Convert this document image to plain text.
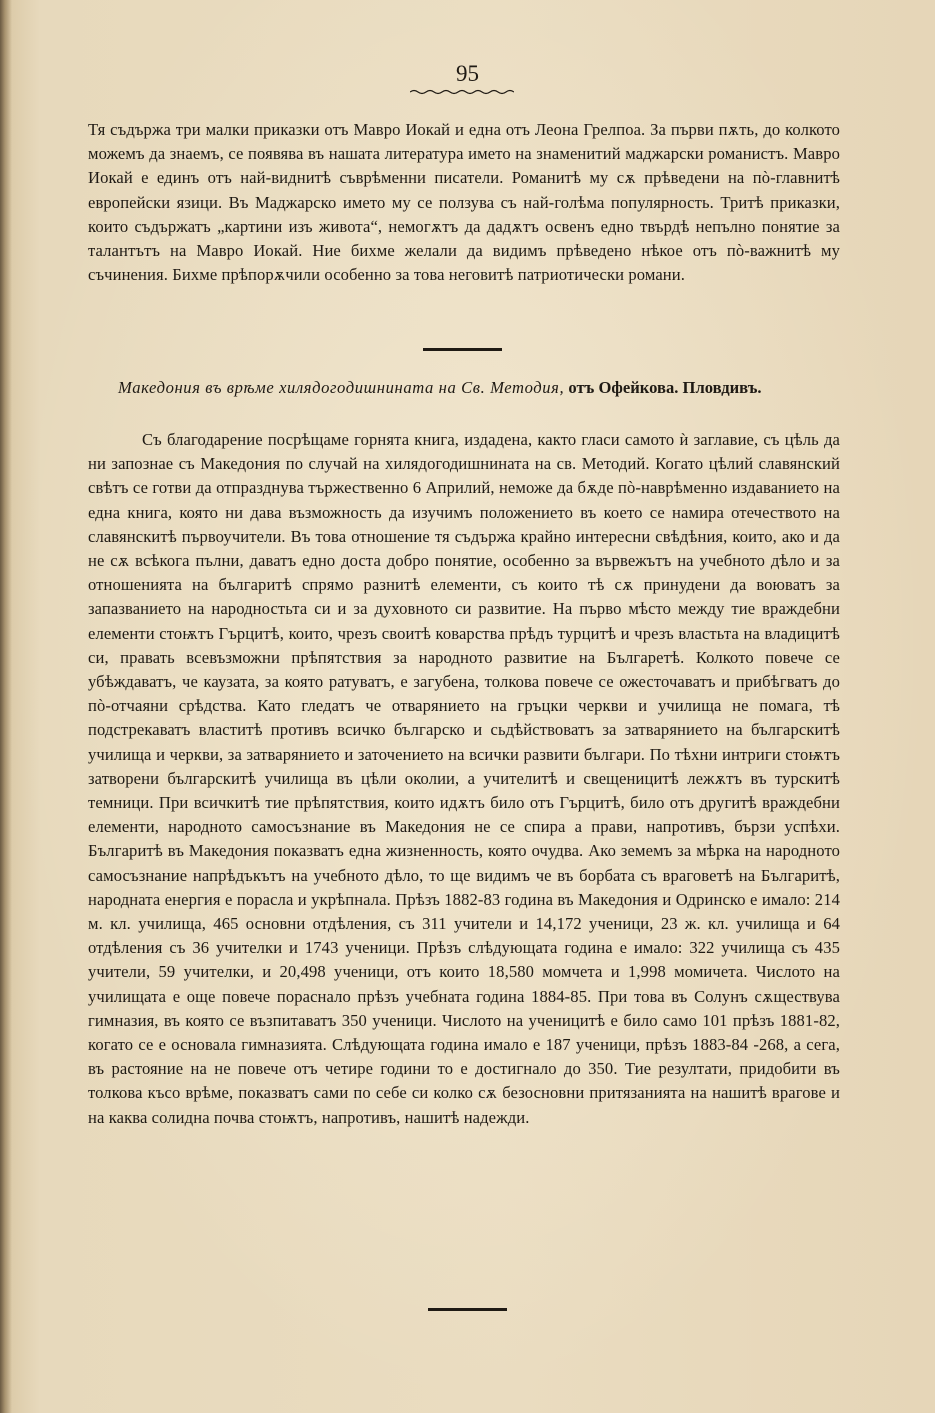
95

Тя съдържа три малки приказки отъ Мавро Иокай и една отъ Леона Грелпоа. За първи пѫть, до колкото можемъ да знаемъ, се появява въ нашата литература името на знаменитий маджарски романистъ. Мавро Иокай е единъ отъ най-виднитѣ съврѣменни писатели. Романитѣ му сѫ прѣведени на пò-главнитѣ европейски язици. Въ Маджарско името му се ползува съ най-голѣма популярность. Тритѣ приказки, които съдържатъ „картини изъ живота“, немогѫтъ да дадѫтъ освенъ едно твърдѣ непълно понятие за талантътъ на Мавро Иокай. Ние бихме желали да видимъ прѣведено нѣкое отъ пò-важнитѣ му съчинения. Бихме прѣпорѫчили особенно за това неговитѣ патриотически романи.

Македония въ врѣме хилядогодишнината на Св. Методия, отъ Офейкова. Пловдивъ.

Съ благодарение посрѣщаме горнята книга, издадена, както гласи самото ѝ заглавие, съ цѣль да ни запознае съ Македония по случай на хилядогодишнината на св. Методий. Когато цѣлий славянский свѣтъ се готви да отпразднува тържественно 6 Априлий, неможе да бѫде пò-наврѣменно издаванието на една книга, която ни дава възможность да изучимъ положението въ което се намира отечеството на славянскитѣ първоучители. Въ това отношение тя съдържа крайно интересни свѣдѣния, които, ако и да не сѫ всѣкога пълни, даватъ едно доста добро понятие, особенно за вървежътъ на учебното дѣло и за отношенията на българитѣ спрямо разнитѣ елементи, съ които тѣ сѫ принудени да воюватъ за запазванието на народностьта си и за духовното си развитие. На първо мѣсто между тие враждебни елементи стоѭтъ Гърцитѣ, които, чрезъ своитѣ коварства прѣдъ турцитѣ и чрезъ властьта на владицитѣ си, правать всевъзможни прѣпятствия за народното развитие на Българетѣ. Колкото повече се убѣждаватъ, че каузата, за която ратуватъ, е загубена, толкова повече се ожесточаватъ и прибѣгватъ до пò-отчаяни срѣдства. Като гледатъ че отварянието на гръцки черкви и училища не помага, тѣ подстрекаватъ властитѣ противъ всичко българско и сьдѣйствоватъ за затварянието на българскитѣ училища и черкви, за затварянието и заточението на всички развити българи. По тѣхни интриги стоѭтъ затворени българскитѣ училища въ цѣли околии, а учителитѣ и свещеницитѣ лежѫтъ въ турскитѣ темници. При всичкитѣ тие прѣпятствия, които идѫтъ било отъ Гърцитѣ, било отъ другитѣ враждебни елементи, народното самосъзнание въ Македония не се спира а прави, напротивъ, бързи успѣхи. Българитѣ въ Македония показватъ една жизненность, която очудва. Ако земемъ за мѣрка на народното самосъзнание напрѣдъкътъ на учебното дѣло, то ще видимъ че въ борбата съ враговетѣ на Българитѣ, народната енергия е порасла и укрѣпнала. Прѣзъ 1882-83 година въ Македония и Одринско е имало: 214 м. кл. училища, 465 основни отдѣления, съ 311 учители и 14,172 ученици, 23 ж. кл. училища и 64 отдѣления съ 36 учителки и 1743 ученици. Прѣзъ слѣдующата година е имало: 322 училища съ 435 учители, 59 учителки, и 20,498 ученици, отъ които 18,580 момчета и 1,998 момичета. Числото на училищата е още повече порасналo прѣзъ учебната година 1884-85. При това въ Солунъ сѫществува гимназия, въ която се възпитаватъ 350 ученици. Числото на ученицитѣ е било само 101 прѣзъ 1881-82, когато се е основала гимназията. Слѣдующата година имало е 187 ученици, прѣзъ 1883-84 -268, а сега, въ растояние на не повече отъ четире години то е достигнало до 350. Тие резултати, придобити въ толкова късо врѣме, показватъ сами по себе си колко сѫ безосновни притязанията на нашитѣ врагове и на каква солидна почва стоѭтъ, напротивъ, нашитѣ надежди.
